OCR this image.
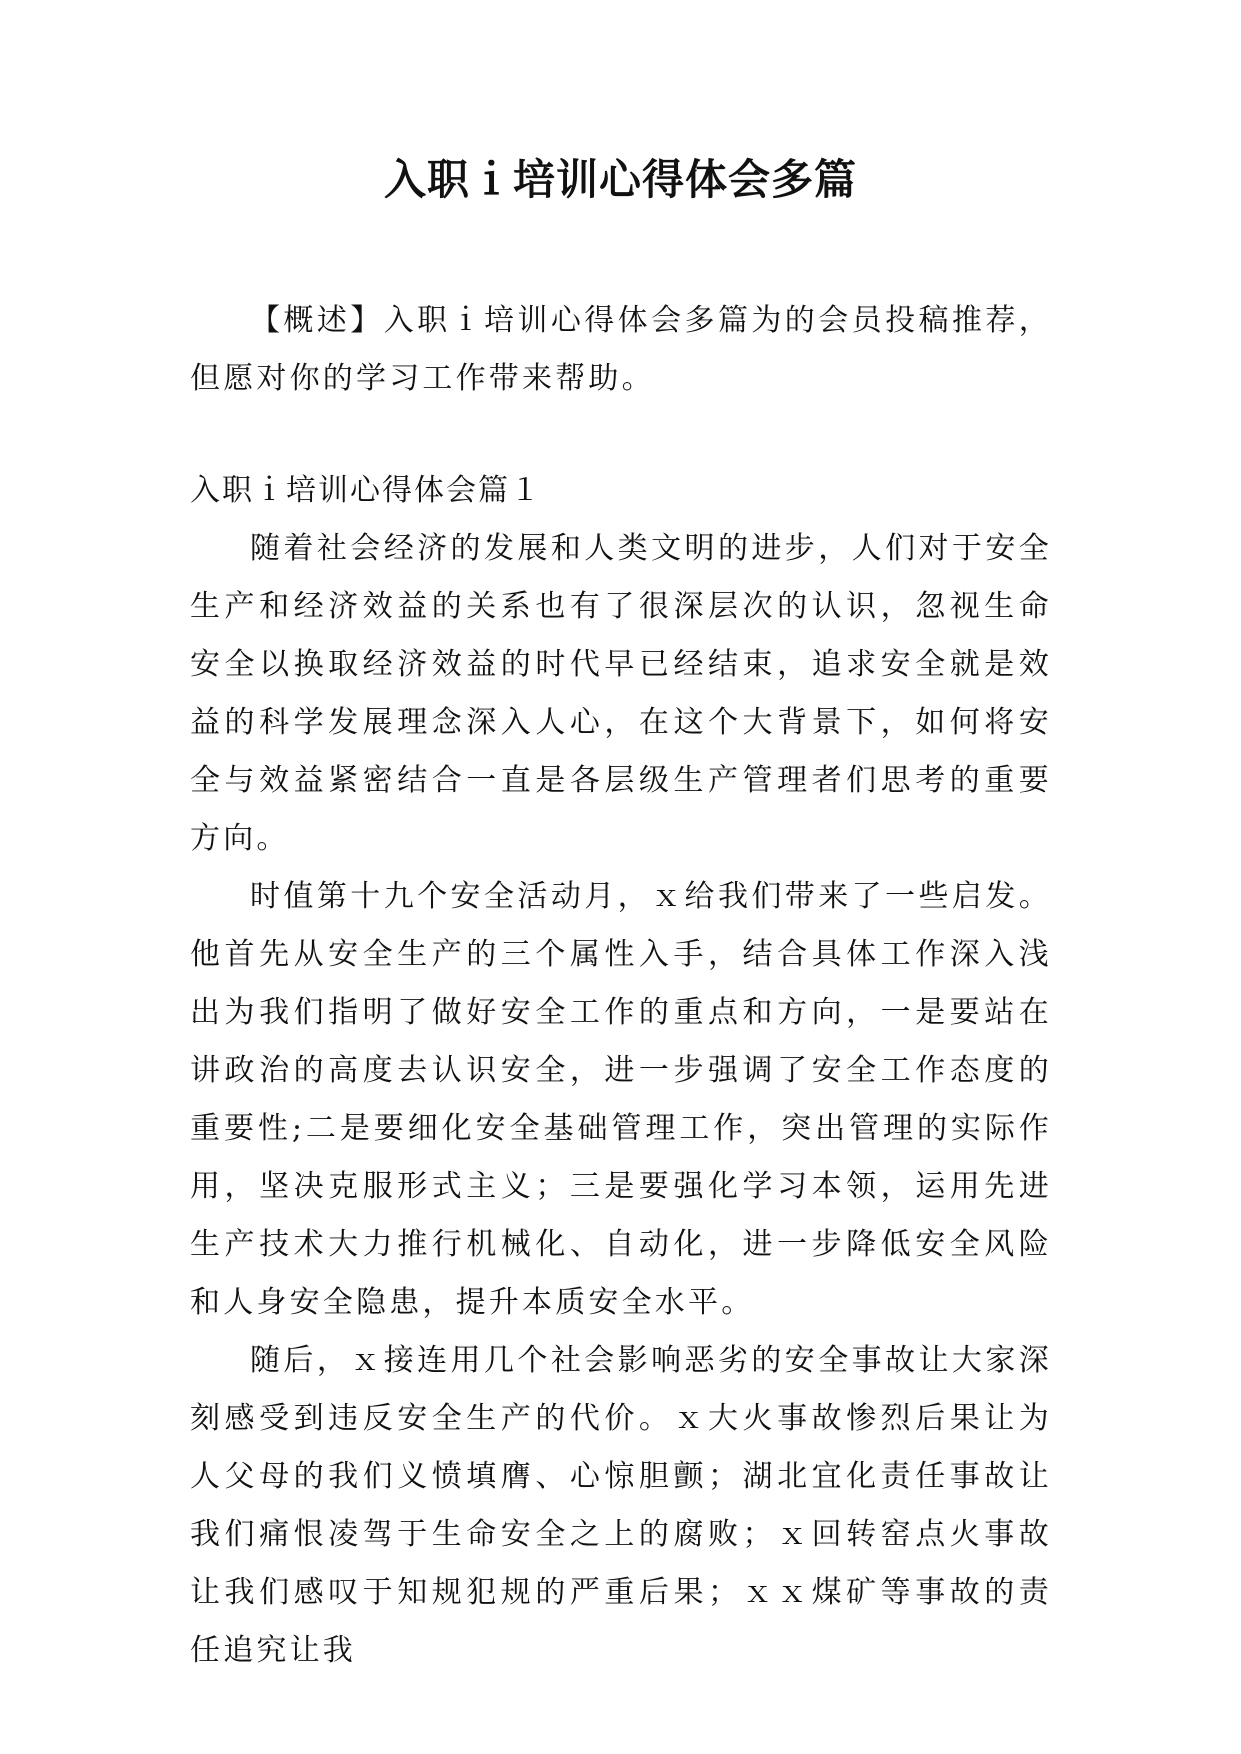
入职ｉ培训心得体会多篇

【概述】入职ｉ培训心得体会多篇为的会员投稿推荐，但愿对你的学习工作带来帮助。

入职ｉ培训心得体会篇１

随着社会经济的发展和人类文明的进步，人们对于安全生产和经济效益的关系也有了很深层次的认识，忽视生命安全以换取经济效益的时代早已经结束，追求安全就是效益的科学发展理念深入人心，在这个大背景下，如何将安全与效益紧密结合一直是各层级生产管理者们思考的重要方向。

时值第十九个安全活动月，ｘ给我们带来了一些启发。他首先从安全生产的三个属性入手，结合具体工作深入浅出为我们指明了做好安全工作的重点和方向，一是要站在讲政治的高度去认识安全，进一步强调了安全工作态度的重要性;二是要细化安全基础管理工作，突出管理的实际作用，坚决克服形式主义；三是要强化学习本领，运用先进生产技术大力推行机械化、自动化，进一步降低安全风险和人身安全隐患，提升本质安全水平。

随后，ｘ接连用几个社会影响恶劣的安全事故让大家深刻感受到违反安全生产的代价。ｘ大火事故惨烈后果让为人父母的我们义愤填膺、心惊胆颤；湖北宜化责任事故让我们痛恨凌驾于生命安全之上的腐败；ｘ回转窑点火事故让我们感叹于知规犯规的严重后果；ｘｘ煤矿等事故的责任追究让我
